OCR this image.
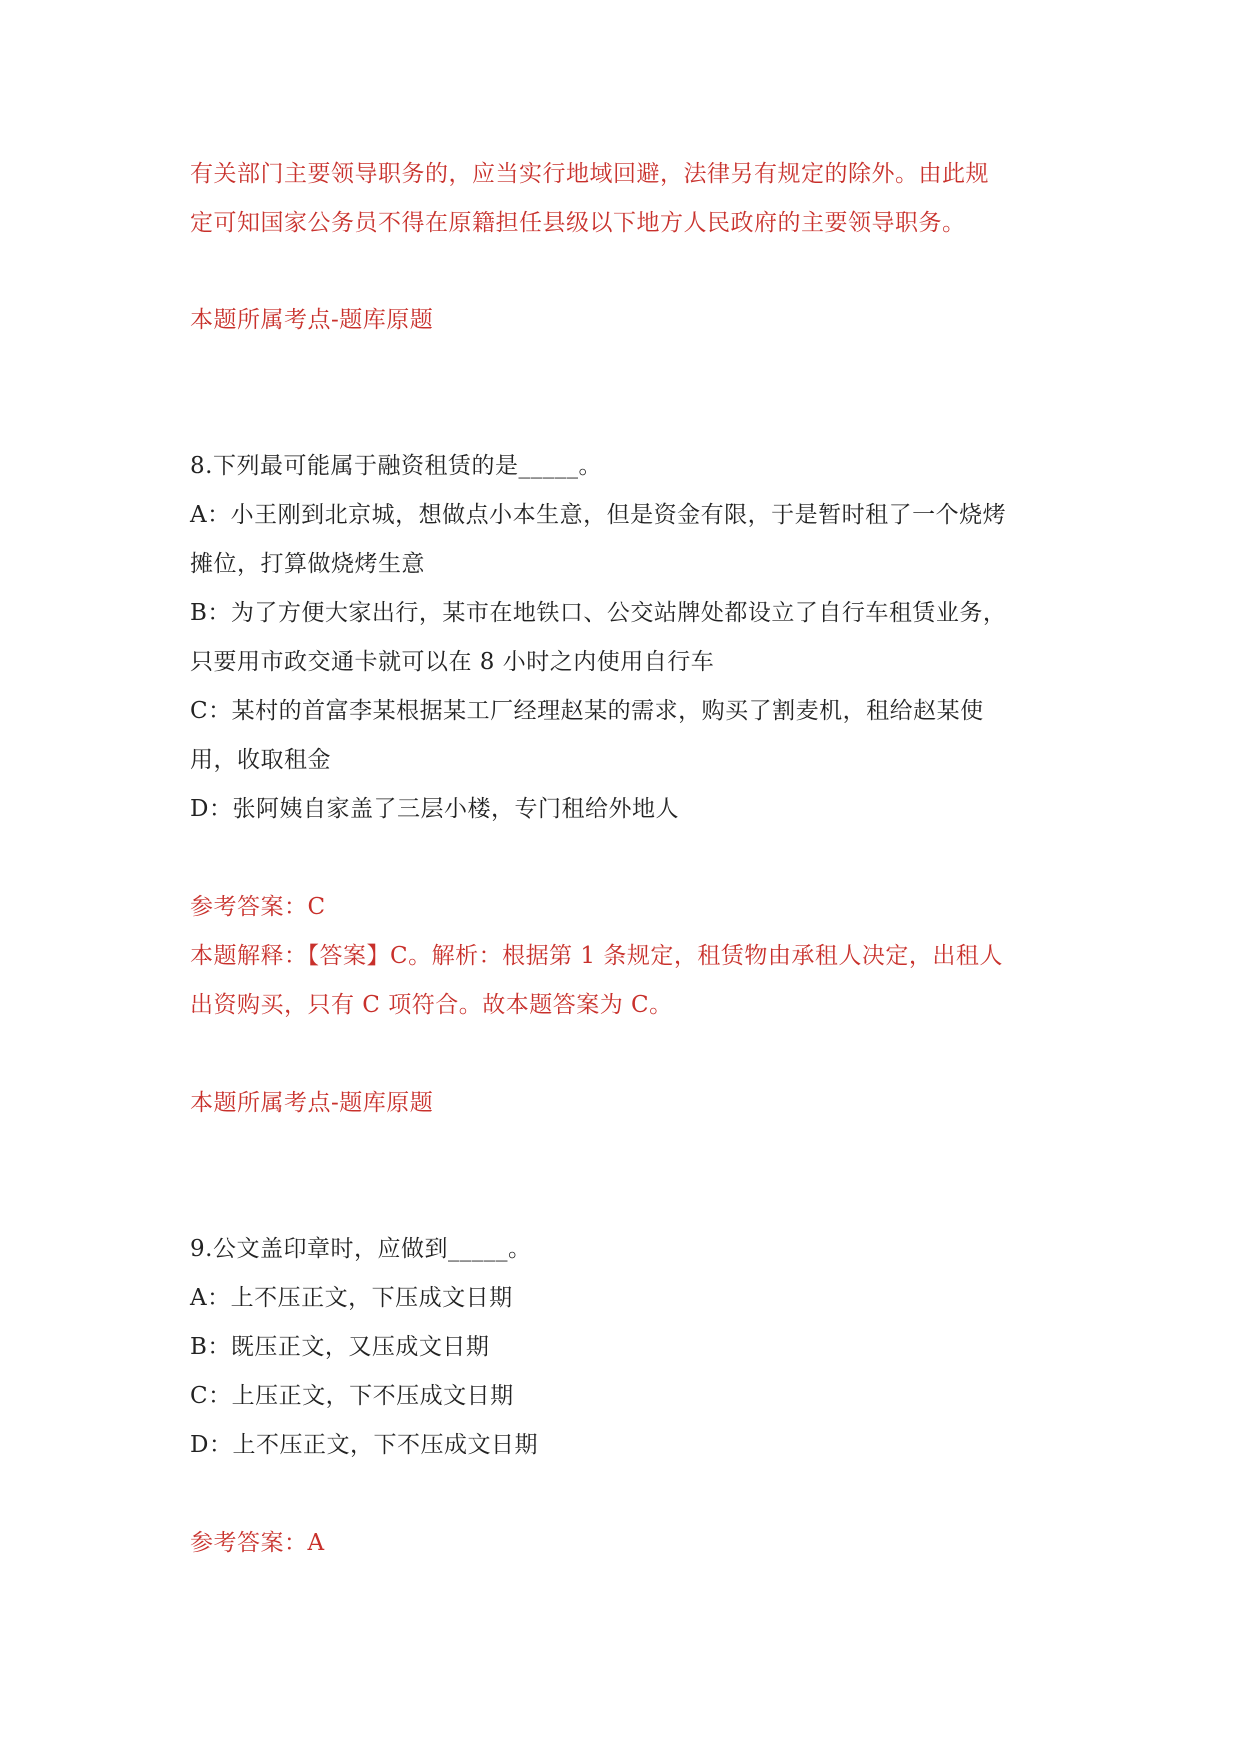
有关部门主要领导职务的，应当实行地域回避，法律另有规定的除外。由此规
定可知国家公务员不得在原籍担任县级以下地方人民政府的主要领导职务。
本题所属考点-题库原题
8.下列最可能属于融资租赁的是_____。
A：小王刚到北京城，想做点小本生意，但是资金有限，于是暂时租了一个烧烤
摊位，打算做烧烤生意
B：为了方便大家出行，某市在地铁口、公交站牌处都设立了自行车租赁业务，
只要用市政交通卡就可以在 8 小时之内使用自行车
C：某村的首富李某根据某工厂经理赵某的需求，购买了割麦机，租给赵某使
用，收取租金
D：张阿姨自家盖了三层小楼，专门租给外地人
参考答案：C
本题解释：【答案】C。解析：根据第 1 条规定，租赁物由承租人决定，出租人
出资购买，只有 C 项符合。故本题答案为 C。
本题所属考点-题库原题
9.公文盖印章时，应做到_____。
A：上不压正文，下压成文日期
B：既压正文，又压成文日期
C：上压正文，下不压成文日期
D：上不压正文，下不压成文日期
参考答案：A
